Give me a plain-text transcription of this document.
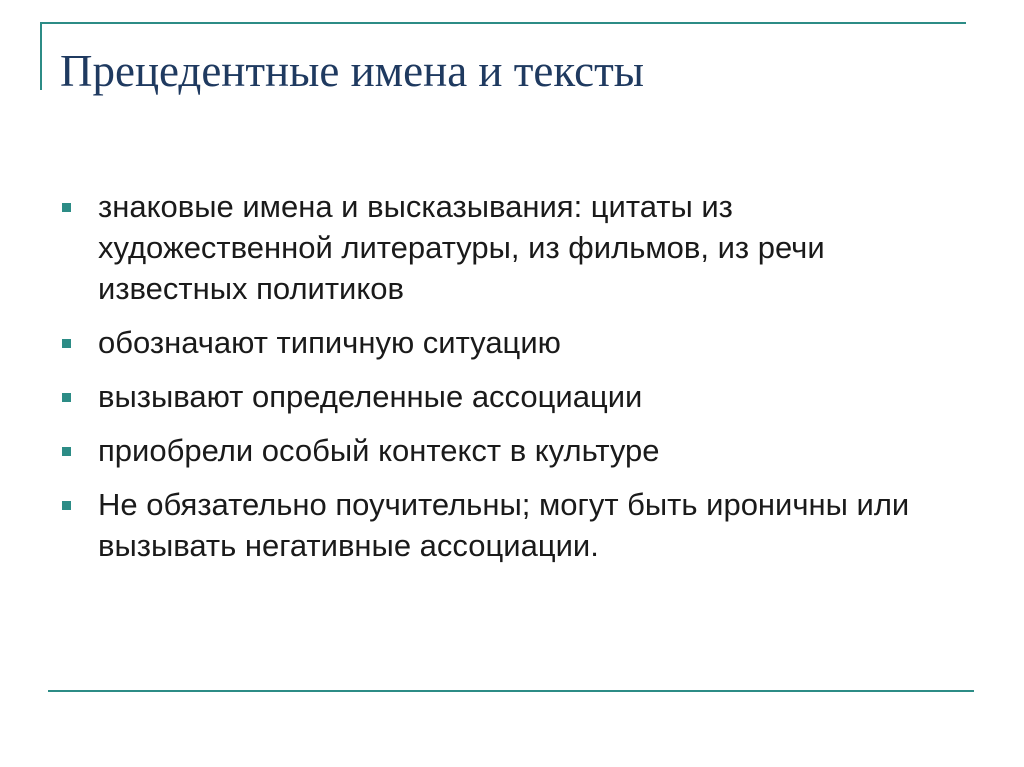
Прецедентные имена и тексты
знаковые имена и высказывания: цитаты из художественной литературы, из фильмов, из речи известных политиков
обозначают типичную ситуацию
вызывают определенные ассоциации
приобрели особый контекст в культуре
Не обязательно поучительны; могут быть ироничны или вызывать негативные ассоциации.
